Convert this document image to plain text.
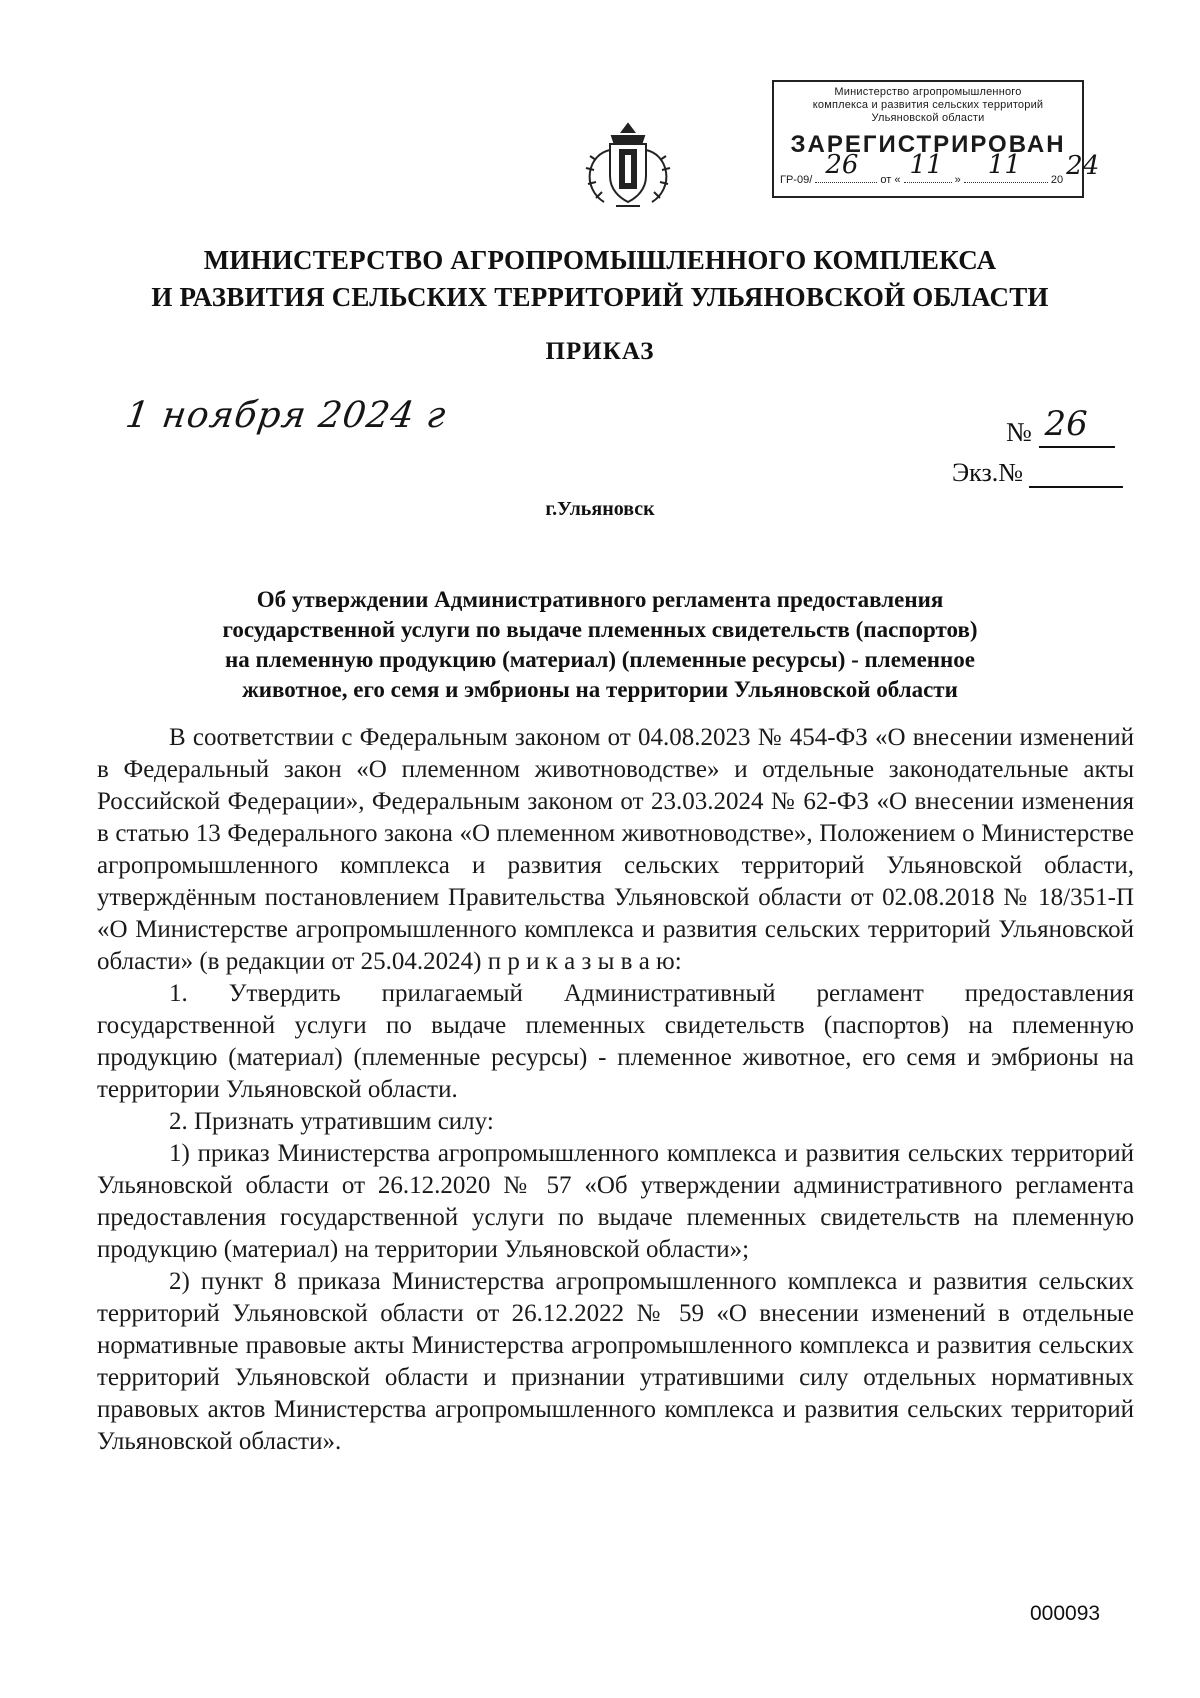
Министерство агропромышленного
комплекса и развития сельских территорий
Ульяновской области
ЗАРЕГИСТРИРОВАН
ГР-09/ 26 от « 11 » 11	20 24
МИНИСТЕРСТВО АГРОПРОМЫШЛЕННОГО КОМПЛЕКСА
И РАЗВИТИЯ СЕЛЬСКИХ ТЕРРИТОРИЙ УЛЬЯНОВСКОЙ ОБЛАСТИ
ПРИКАЗ
1 ноября 2024 г	№ 26
Экз.№
г.Ульяновск
Об утверждении Административного регламента предоставления
государственной услуги по выдаче племенных свидетельств (паспортов)
на племенную продукцию (материал) (племенные ресурсы) - племенное
животное, его семя и эмбрионы на территории Ульяновской области

В соответствии с Федеральным законом от 04.08.2023 № 454-ФЗ «О внесении изменений в Федеральный закон «О племенном животноводстве» и отдельные законодательные акты Российской Федерации», Федеральным законом от 23.03.2024 № 62-ФЗ «О внесении изменения в статью 13 Федерального закона «О племенном животноводстве», Положением о Министерстве агропромышленного комплекса и развития сельских территорий Ульяновской области, утверждённым постановлением Правительства Ульяновской области от 02.08.2018 № 18/351-П «О Министерстве агропромышленного комплекса и развития сельских территорий Ульяновской области» (в редакции от 25.04.2024) п р и к а з ы в а ю:

1. Утвердить прилагаемый Административный регламент предоставления государственной услуги по выдаче племенных свидетельств (паспортов) на племенную продукцию (материал) (племенные ресурсы) - племенное животное, его семя и эмбрионы на территории Ульяновской области.

2. Признать утратившим силу:

1) приказ Министерства агропромышленного комплекса и развития сельских территорий Ульяновской области от 26.12.2020 № 57 «Об утверждении административного регламента предоставления государственной услуги по выдаче племенных свидетельств на племенную продукцию (материал) на территории Ульяновской области»;

2) пункт 8 приказа Министерства агропромышленного комплекса и развития сельских территорий Ульяновской области от 26.12.2022 № 59 «О внесении изменений в отдельные нормативные правовые акты Министерства агропромышленного комплекса и развития сельских территорий Ульяновской области и признании утратившими силу отдельных нормативных правовых актов Министерства агропромышленного комплекса и развития сельских территорий Ульяновской области».

000093
